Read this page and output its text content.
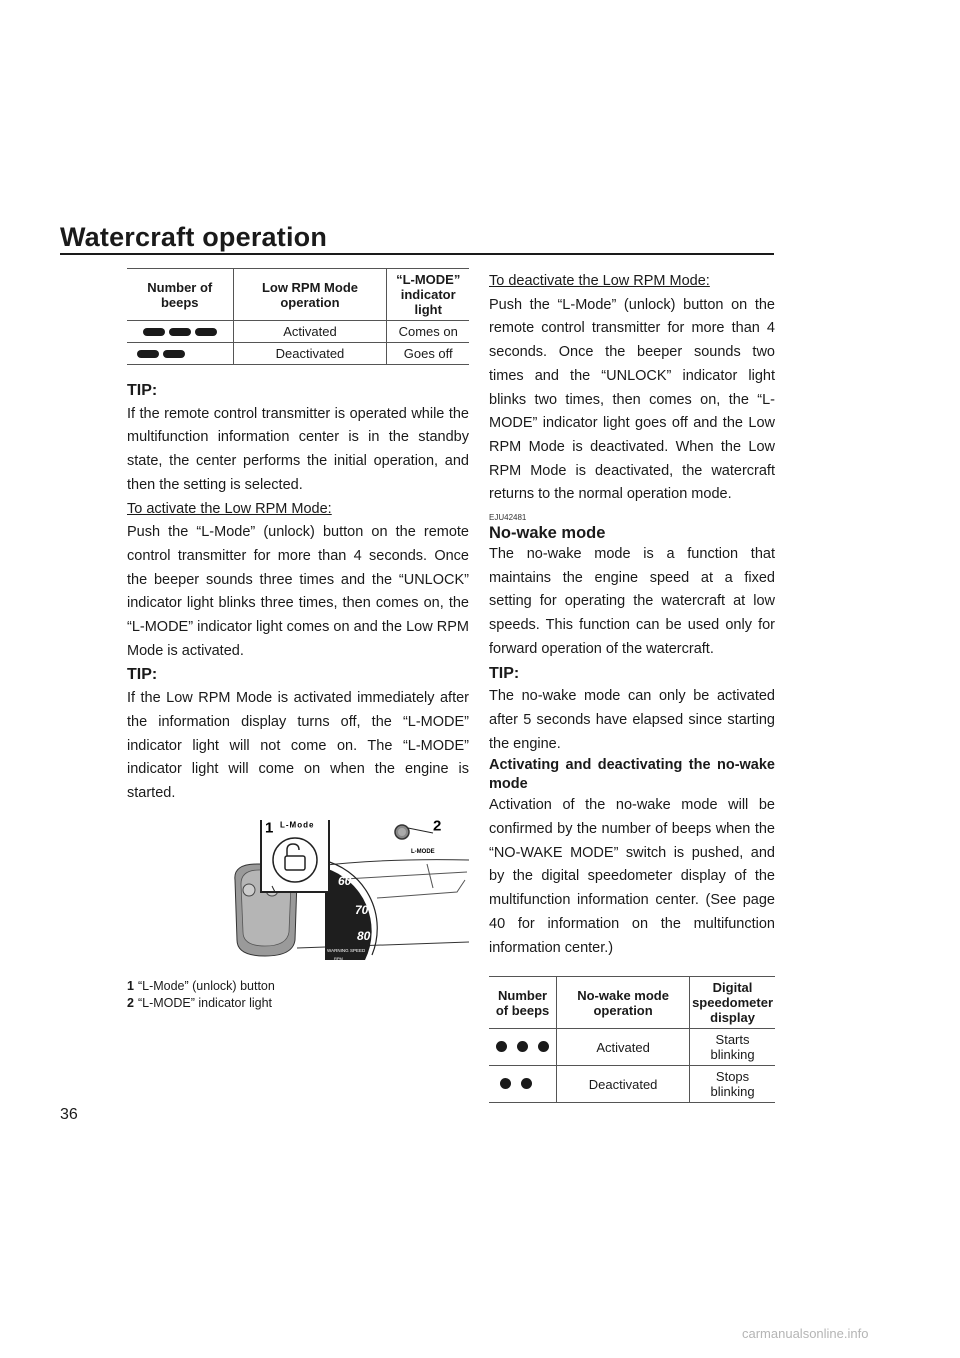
Watercraft operation
Number of beeps	Low RPM Mode operation	“L-MODE” indicator light
	Activated	Comes on
	Deactivated	Goes off

TIP:

If the remote control transmitter is operated while the multifunction information center is in the standby state, the center performs the initial operation, and then the setting is selected.

To activate the Low RPM Mode:

Push the “L-Mode” (unlock) button on the remote control transmitter for more than 4 seconds. Once the beeper sounds three times and the “UNLOCK” indicator light blinks three times, then comes on, the “L-MODE” indicator light comes on and the Low RPM Mode is activated.

TIP:

If the Low RPM Mode is activated immediately after the information display turns off, the “L-MODE” indicator light will not come on. The “L-MODE” indicator light will come on when the engine is started.

60
70
80
WARNING SPEED
RPM
L-MODE
2
L-Mode
1
1 “L-Mode” (unlock) button
2 “L-MODE” indicator light

To deactivate the Low RPM Mode:

Push the “L-Mode” (unlock) button on the remote control transmitter for more than 4 seconds. Once the beeper sounds two times and the “UNLOCK” indicator light blinks two times, then comes on, the “L-MODE” indicator light goes off and the Low RPM Mode is deactivated. When the Low RPM Mode is deactivated, the watercraft returns to the normal operation mode.

EJU42481

No-wake mode

The no-wake mode is a function that maintains the engine speed at a fixed setting for operating the watercraft at low speeds. This function can be used only for forward operation of the watercraft.

TIP:

The no-wake mode can only be activated after 5 seconds have elapsed since starting the engine.

Activating and deactivating the no-wake mode

Activation of the no-wake mode will be confirmed by the number of beeps when the “NO-WAKE MODE” switch is pushed, and by the digital speedometer display of the multifunction information center. (See page 40 for information on the multifunction information center.)

Number of beeps	No-wake mode operation	Digital speedometer display
	Activated	Starts blinking
	Deactivated	Stops blinking
36
carmanualsonline.info
